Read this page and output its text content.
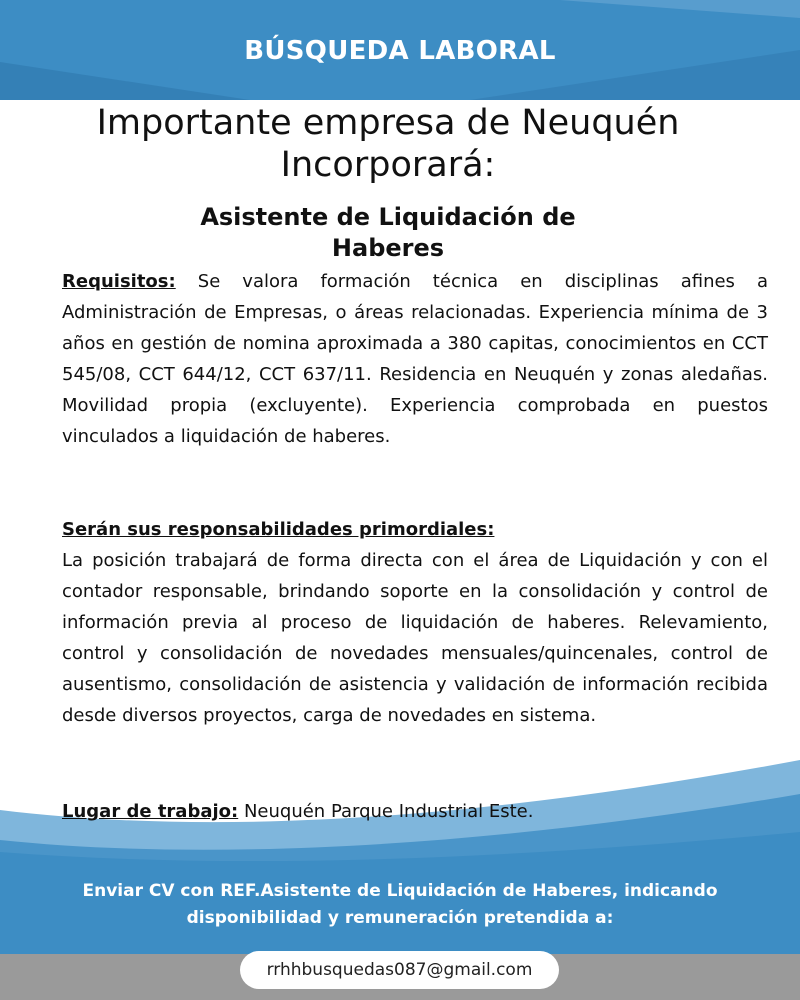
BÚSQUEDA LABORAL
Importante empresa de Neuquén
Incorporará:
Asistente de Liquidación de
Haberes
Requisitos: Se valora formación técnica en disciplinas afines a Administración de Empresas, o áreas relacionadas. Experiencia mínima de 3 años en gestión de nomina aproximada a 380 capitas, conocimientos en CCT 545/08, CCT 644/12, CCT 637/11. Residencia en Neuquén y zonas aledañas. Movilidad propia (excluyente). Experiencia comprobada en puestos vinculados a liquidación de haberes.
Serán sus responsabilidades primordiales:
La posición trabajará de forma directa con el área de Liquidación y con el contador responsable, brindando soporte en la consolidación y control de información previa al proceso de liquidación de haberes. Relevamiento, control y consolidación de novedades mensuales/quincenales, control de ausentismo, consolidación de asistencia y validación de información recibida desde diversos proyectos, carga de novedades en sistema.
Lugar de trabajo: Neuquén Parque Industrial Este.
Enviar CV con REF.Asistente de Liquidación de Haberes, indicando
disponibilidad y remuneración pretendida a:
rrhhbusquedas087@gmail.com
